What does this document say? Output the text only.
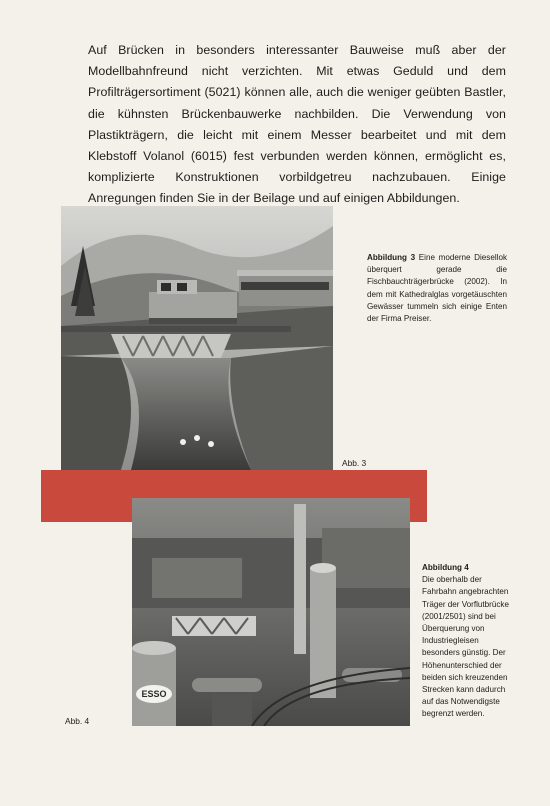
Auf Brücken in besonders interessanter Bauweise muß aber der Modellbahnfreund nicht verzichten. Mit etwas Geduld und dem Profilträgersortiment (5021) können alle, auch die weniger geübten Bastler, die kühnsten Brückenbauwerke nachbilden. Die Verwendung von Plastikträgern, die leicht mit einem Messer bearbeitet und mit dem Klebstoff Volanol (6015) fest verbunden werden können, ermöglicht es, komplizierte Konstruktionen vorbildgetreu nachzubauen. Einige Anregungen finden Sie in der Beilage und auf einigen Abbildungen.

ESSO

Abbildung 3 Eine moderne Diesellok überquert gerade die Fischbauchträgerbrücke (2002). In dem mit Kathedralglas vorgetäuschten Gewässer tummeln sich einige Enten der Firma Preiser.

Abbildung 4
Die oberhalb der Fahrbahn angebrachten Träger der Vorflutbrücke (2001/2501) sind bei Überquerung von Industriegleisen besonders günstig. Der Höhenunterschied der beiden sich kreuzenden Strecken kann dadurch auf das Notwendigste begrenzt werden.

Abb. 3
Abb. 4
